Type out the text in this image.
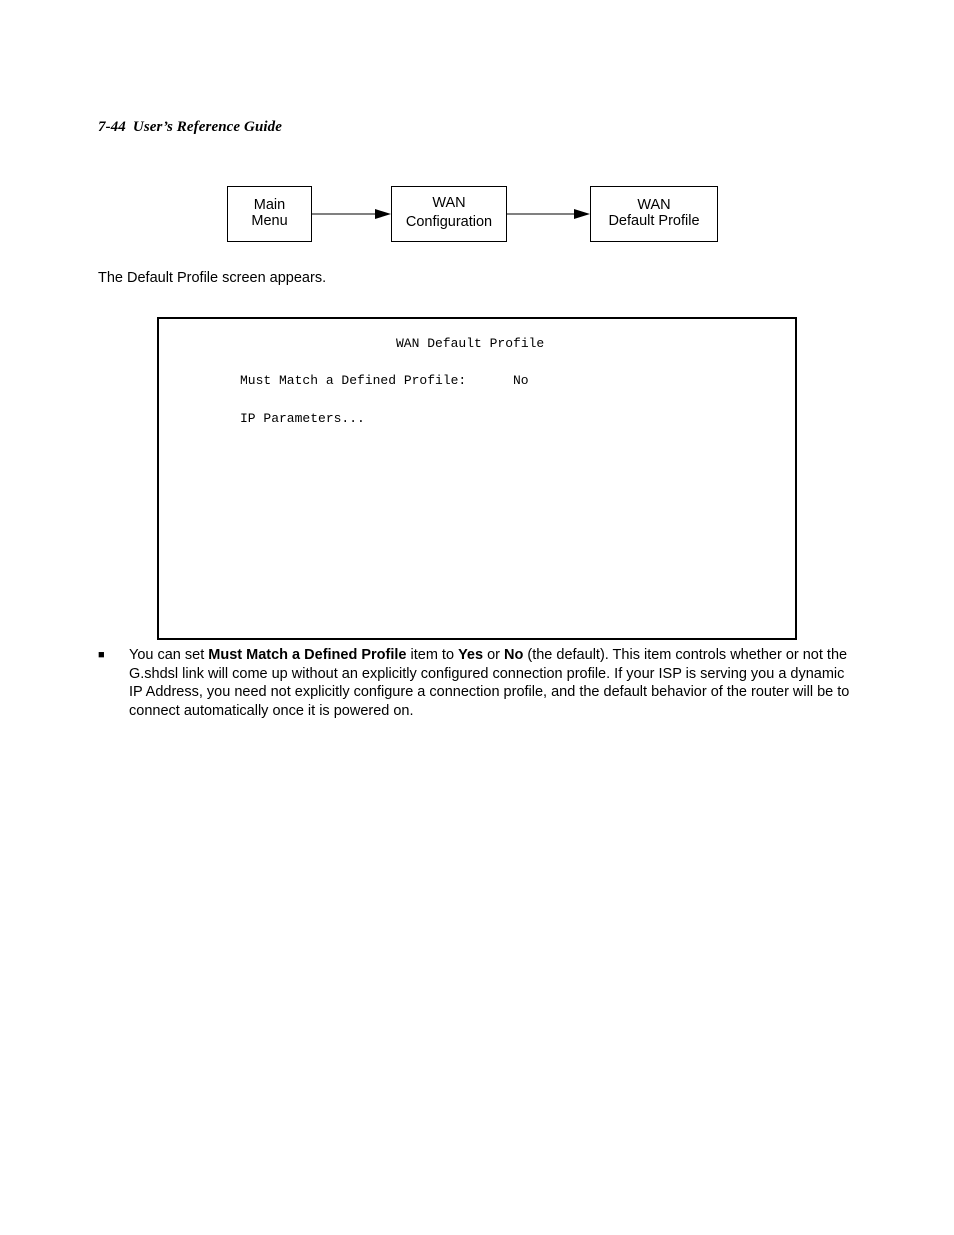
7-44 User’s Reference Guide
Main
Menu
WAN
Configuration
WAN
Default Profile
The Default Profile screen appears.
WAN Default Profile
Must Match a Defined Profile:	No
IP Parameters...
■ You can set Must Match a Defined Profile item to Yes or No (the default). This item controls whether or not the G.shdsl link will come up without an explicitly configured connection profile. If your ISP is serving you a dynamic IP Address, you need not explicitly configure a connection profile, and the default behavior of the router will be to connect automatically once it is powered on.
